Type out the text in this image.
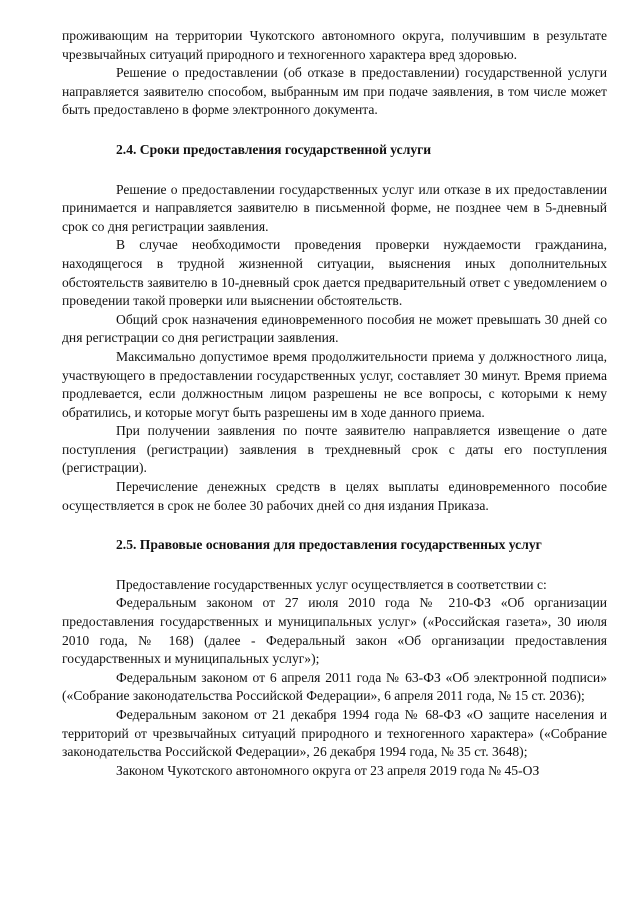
проживающим на территории Чукотского автономного округа, получившим в результате чрезвычайных ситуаций природного и техногенного характера вред здоровью.

Решение о предоставлении (об отказе в предоставлении) государственной услуги направляется заявителю способом, выбранным им при подаче заявления, в том числе может быть предоставлено в форме электронного документа.

2.4. Сроки предоставления государственной услуги

Решение о предоставлении государственных услуг или отказе в их предоставлении принимается и направляется заявителю в письменной форме, не позднее чем в 5-дневный срок со дня регистрации заявления.

В случае необходимости проведения проверки нуждаемости гражданина, находящегося в трудной жизненной ситуации, выяснения иных дополнительных обстоятельств заявителю в 10-дневный срок дается предварительный ответ с уведомлением о проведении такой проверки или выяснении обстоятельств.

Общий срок назначения единовременного пособия не может превышать 30 дней со дня регистрации со дня регистрации заявления.

Максимально допустимое время продолжительности приема у должностного лица, участвующего в предоставлении государственных услуг, составляет 30 минут. Время приема продлевается, если должностным лицом разрешены не все вопросы, с которыми к нему обратились, и которые могут быть разрешены им в ходе данного приема.

При получении заявления по почте заявителю направляется извещение о дате поступления (регистрации) заявления в трехдневный срок с даты его поступления (регистрации).

Перечисление денежных средств в целях выплаты единовременного пособие осуществляется в срок не более 30 рабочих дней со дня издания Приказа.

2.5. Правовые основания для предоставления государственных услуг

Предоставление государственных услуг осуществляется в соответствии с:

Федеральным законом от 27 июля 2010 года № 210-ФЗ «Об организации предоставления государственных и муниципальных услуг» («Российская газета», 30 июля 2010 года, № 168) (далее - Федеральный закон «Об организации предоставления государственных и муниципальных услуг»);

Федеральным законом от 6 апреля 2011 года № 63-ФЗ «Об электронной подписи» («Собрание законодательства Российской Федерации», 6 апреля 2011 года, № 15 ст. 2036);

Федеральным законом от 21 декабря 1994 года № 68-ФЗ «О защите населения и территорий от чрезвычайных ситуаций природного и техногенного характера» («Собрание законодательства Российской Федерации», 26 декабря 1994 года, № 35 ст. 3648);

Законом Чукотского автономного округа от 23 апреля 2019 года № 45-ОЗ
